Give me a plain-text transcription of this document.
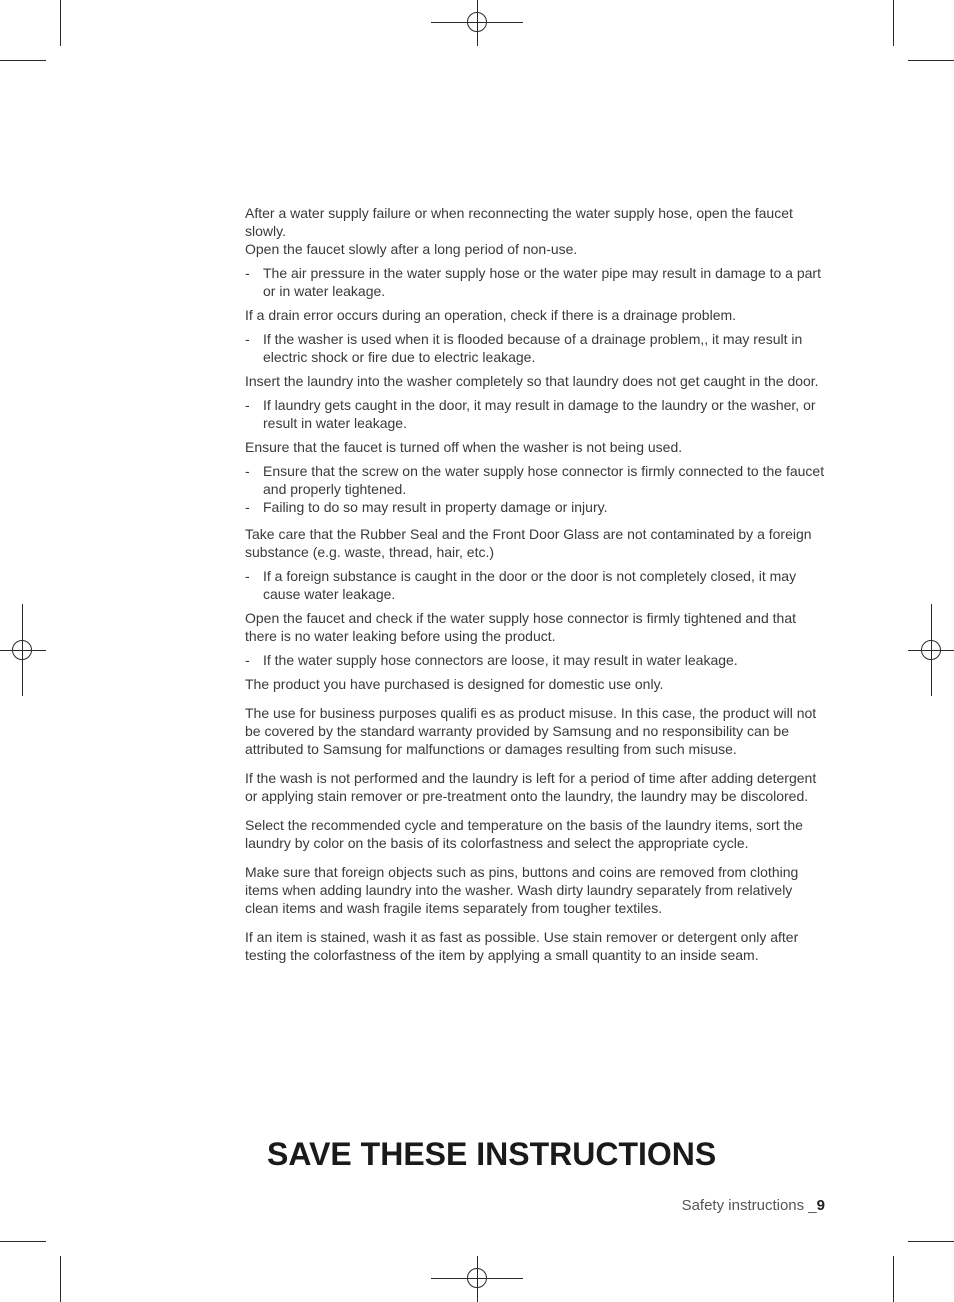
After a water supply failure or when reconnecting the water supply hose, open the faucet slowly.
Open the faucet slowly after a long period of non-use.
- The air pressure in the water supply hose or the water pipe may result in damage to a part or in water leakage.
If a drain error occurs during an operation, check if there is a drainage problem.
- If the washer is used when it is flooded because of a drainage problem,, it may result in electric shock or fire due to electric leakage.
Insert the laundry into the washer completely so that laundry does not get caught in the door.
- If laundry gets caught in the door, it may result in damage to the laundry or the washer, or result in water leakage.
Ensure that the faucet is turned off when the washer is not being used.
- Ensure that the screw on the water supply hose connector is firmly connected to the faucet and properly tightened.
- Failing to do so may result in property damage or injury.
Take care that the Rubber Seal and the Front Door Glass are not contaminated by a foreign substance (e.g. waste, thread, hair, etc.)
- If a foreign substance is caught in the door or the door is not completely closed, it may cause water leakage.
Open the faucet and check if the water supply hose connector is firmly tightened and that there is no water leaking before using the product.
- If the water supply hose connectors are loose, it may result in water leakage.
The product you have purchased is designed for domestic use only.
The use for business purposes qualifi es as product misuse. In this case, the product will not be covered by the standard warranty provided by Samsung and no responsibility can be attributed to Samsung for malfunctions or damages resulting from such misuse.
If the wash is not performed and the laundry is left for a period of time after adding detergent or applying stain remover or pre-treatment onto the laundry, the laundry may be discolored.
Select the recommended cycle and temperature on the basis of the laundry items, sort the laundry by color on the basis of its colorfastness and select the appropriate cycle.
Make sure that foreign objects such as pins, buttons and coins are removed from clothing items when adding laundry into the washer. Wash dirty laundry separately from relatively clean items and wash fragile items separately from tougher textiles.
If an item is stained, wash it as fast as possible. Use stain remover or detergent only after testing the colorfastness of the item by applying a small quantity to an inside seam.
SAVE THESE INSTRUCTIONS
Safety instructions _9
